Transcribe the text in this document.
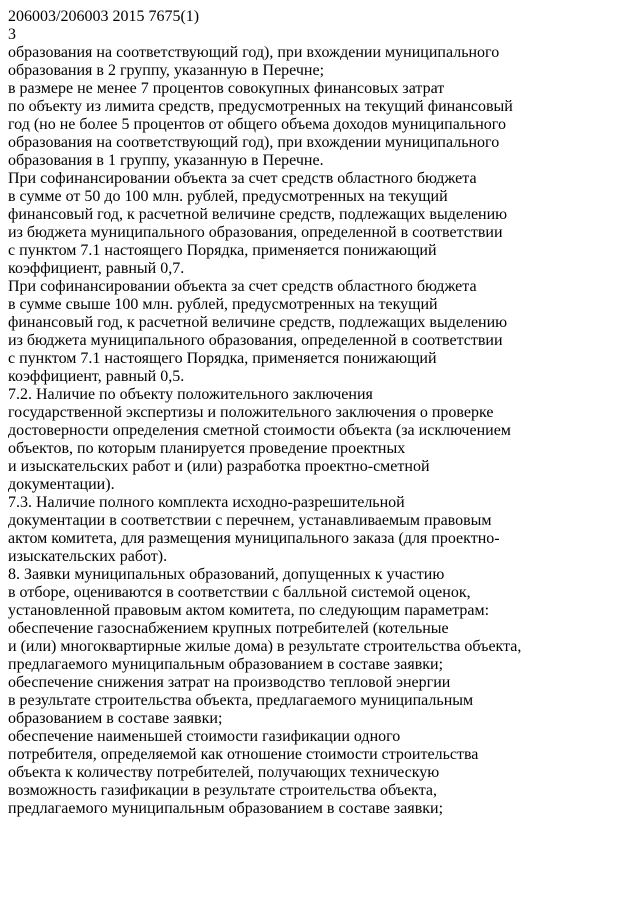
206003/206003 2015 7675(1)
3
образования на соответствующий год), при вхождении муниципального
образования в 2 группу, указанную в Перечне;
в размере не менее 7 процентов совокупных финансовых затрат
по объекту из лимита средств, предусмотренных на текущий финансовый
год (но не более 5 процентов от общего объема доходов муниципального
образования на соответствующий год), при вхождении муниципального
образования в 1 группу, указанную в Перечне.
При софинансировании объекта за счет средств областного бюджета
в сумме от 50 до 100 млн. рублей, предусмотренных на текущий
финансовый год, к расчетной величине средств, подлежащих выделению
из бюджета муниципального образования, определенной в соответствии
с пунктом 7.1 настоящего Порядка, применяется понижающий
коэффициент, равный 0,7.
При софинансировании объекта за счет средств областного бюджета
в сумме свыше 100 млн. рублей, предусмотренных на текущий
финансовый год, к расчетной величине средств, подлежащих выделению
из бюджета муниципального образования, определенной в соответствии
с пунктом 7.1 настоящего Порядка, применяется понижающий
коэффициент, равный 0,5.
7.2. Наличие по объекту положительного заключения
государственной экспертизы и положительного заключения о проверке
достоверности определения сметной стоимости объекта (за исключением
объектов, по которым планируется проведение проектных
и изыскательских работ и (или) разработка проектно-сметной
документации).
7.3. Наличие полного комплекта исходно-разрешительной
документации в соответствии с перечнем, устанавливаемым правовым
актом комитета, для размещения муниципального заказа (для проектно-
изыскательских работ).
8. Заявки муниципальных образований, допущенных к участию
в отборе, оцениваются в соответствии с балльной системой оценок,
установленной правовым актом комитета, по следующим параметрам:
обеспечение газоснабжением крупных потребителей (котельные
и (или) многоквартирные жилые дома) в результате строительства объекта,
предлагаемого муниципальным образованием в составе заявки;
обеспечение снижения затрат на производство тепловой энергии
в результате строительства объекта, предлагаемого муниципальным
образованием в составе заявки;
обеспечение наименьшей стоимости газификации одного
потребителя, определяемой как отношение стоимости строительства
объекта к количеству потребителей, получающих техническую
возможность газификации в результате строительства объекта,
предлагаемого муниципальным образованием в составе заявки;
